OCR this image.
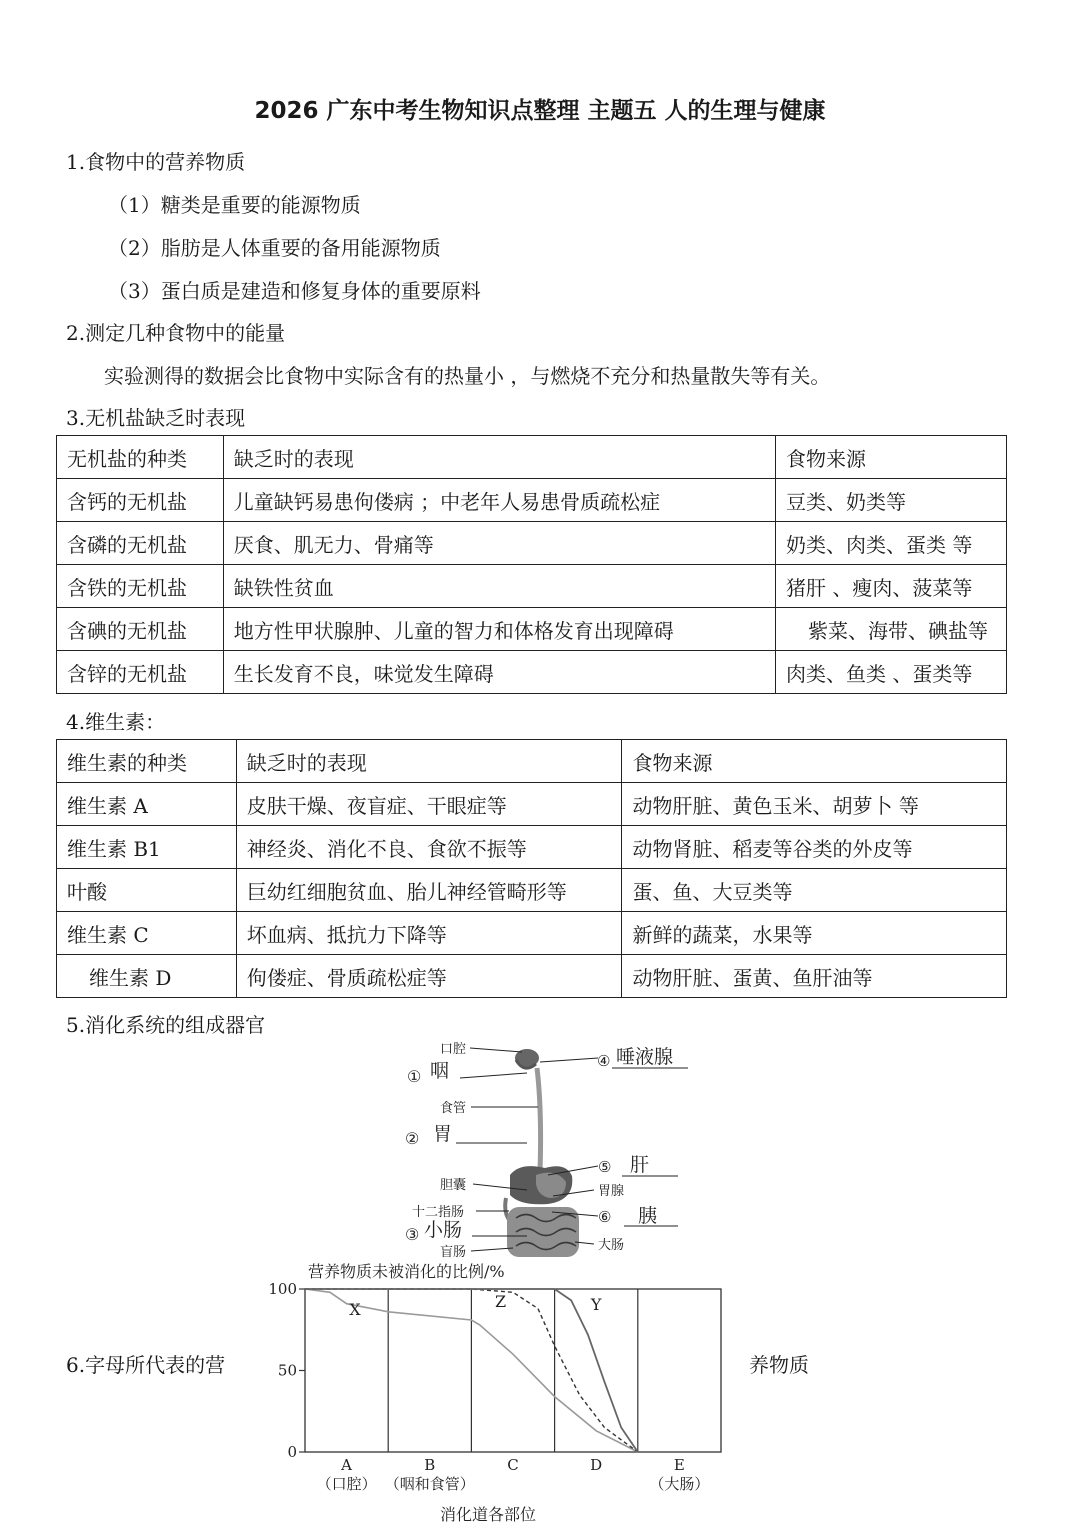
2026 广东中考生物知识点整理 主题五 人的生理与健康
1.食物中的营养物质
（1）糖类是重要的能源物质
（2）脂肪是人体重要的备用能源物质
（3）蛋白质是建造和修复身体的重要原料
2.测定几种食物中的能量
实验测得的数据会比食物中实际含有的热量小 ，与燃烧不充分和热量散失等有关。
3.无机盐缺乏时表现
无机盐的种类	缺乏时的表现	食物来源
含钙的无机盐	儿童缺钙易患佝偻病 ；中老年人易患骨质疏松症	豆类、奶类等
含磷的无机盐	厌食、肌无力、骨痛等	奶类、肉类、蛋类 等
含铁的无机盐	缺铁性贫血	猪肝 、瘦肉、菠菜等
含碘的无机盐	地方性甲状腺肿、儿童的智力和体格发育出现障碍	紫菜、海带、碘盐等
含锌的无机盐	生长发育不良，味觉发生障碍	肉类、鱼类 、蛋类等
4.维生素：
维生素的种类	缺乏时的表现	食物来源
维生素 A	皮肤干燥、夜盲症、干眼症等	动物肝脏、黄色玉米、胡萝卜 等
维生素 B1	神经炎、消化不良、食欲不振等	动物肾脏、稻麦等谷类的外皮等
叶酸	巨幼红细胞贫血、胎儿神经管畸形等	蛋、鱼、大豆类等
维生素 C	坏血病、抵抗力下降等	新鲜的蔬菜，水果等
维生素 D	佝偻症、骨质疏松症等	动物肝脏、蛋黄、鱼肝油等
5.消化系统的组成器官
口腔
① 咽
食管
② 胃
胆囊
十二指肠
③ 小肠
盲肠
④ 唾液腺
⑤ 肝
胃腺
⑥ 胰
大肠
6.字母所代表的营	养物质
营养物质未被消化的比例/%
0
50
100
A
（口腔）
B
（咽和食管）
C	D	E
（大肠）
X	Z	Y
消化道各部位
